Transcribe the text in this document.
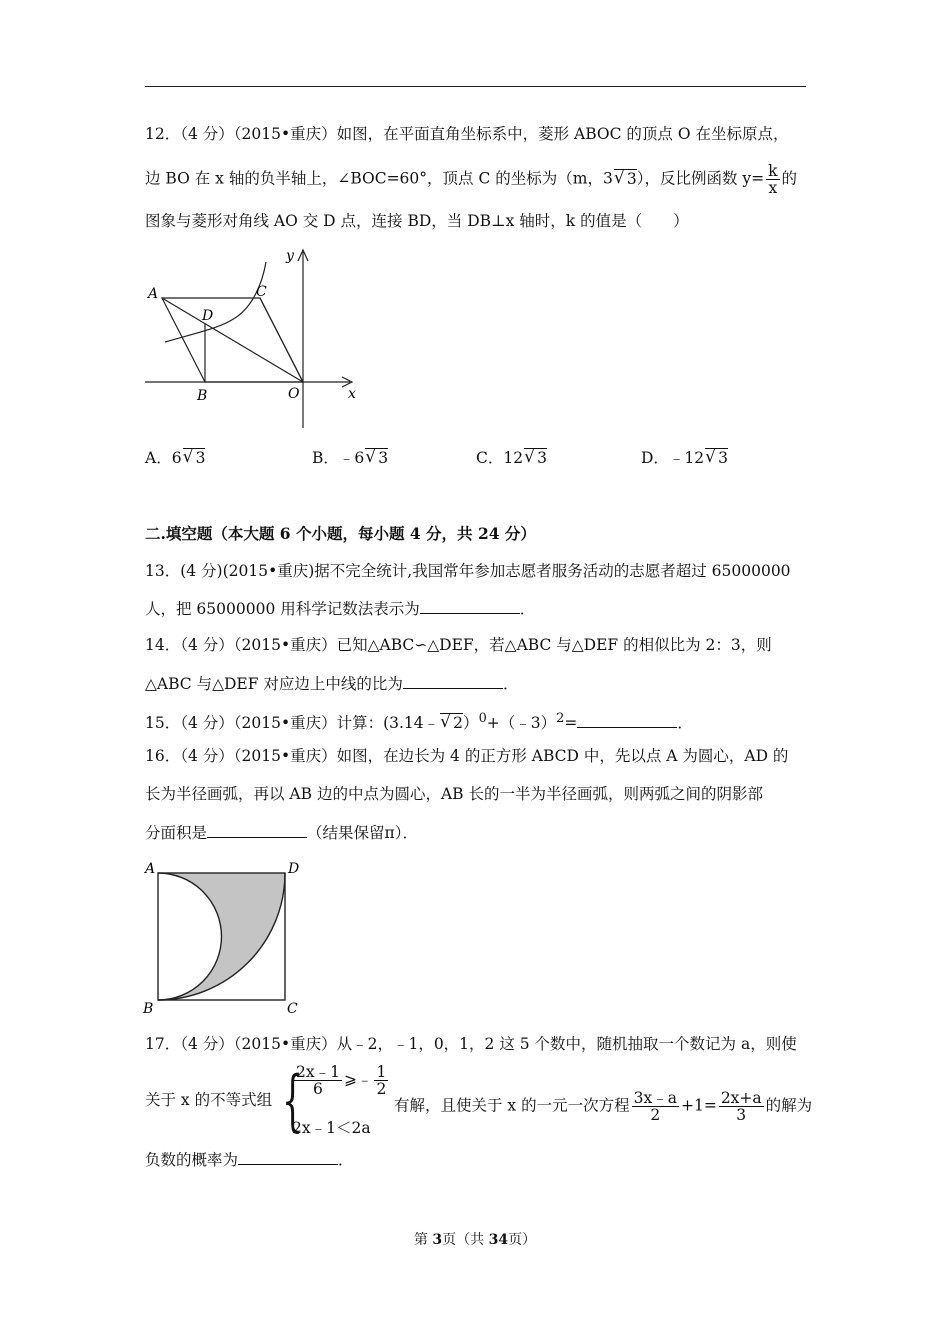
12．（4 分）（2015•重庆）如图，在平面直角坐标系中，菱形 ABOC 的顶点 O 在坐标原点，
边 BO 在 x 轴的负半轴上，∠BOC=60°，顶点 C 的坐标为（m，3 √ 3），反比例函数 $y= \frac{k}{x}$ 的
图象与菱形对角线 AO 交 D 点，连接 BD，当 DB⊥x 轴时，k 的值是（　　）
A	C
D
B	O	x
y
A．6 √ 3	B．﹣6 √ 3	C．12 √ 3	D．﹣12 √ 3
二.填空题（本大题 6 个小题，每小题 4 分，共 24 分）
13．(4 分)(2015•重庆)据不完全统计,我国常年参加志愿者服务活动的志愿者超过 65000000
人，把 65000000 用科学记数法表示为	．
14．（4 分）（2015•重庆）已知△ABC∽△DEF，若△ABC 与△DEF 的相似比为 2：3，则
△ABC 与△DEF 对应边上中线的比为	．
15．（4 分）（2015•重庆）计算：(3.14﹣ √ 2）$^0$+（﹣3）$^2$=	．
16．（4 分）（2015•重庆）如图，在边长为 4 的正方形 ABCD 中，先以点 A 为圆心，AD 的
长为半径画弧，再以 AB 边的中点为圆心，AB 长的一半为半径画弧，则两弧之间的阴影部
分面积是	（结果保留π）．
A	D
B	C
17．（4 分）（2015•重庆）从﹣2，﹣1，0，1，2 这 5 个数中，随机抽取一个数记为 a，则使
关于 x 的不等式组 {
$\frac{2x﹣1}{6}$ ⩾﹣ $\frac{1}{2}$
2x﹣1＜2a
有解，且使关于 x 的一元一次方程 $\frac{3x﹣a}{2} +1= \frac{2x+a}{3}$ 的解为
负数的概率为	．
第 3页（共 34页）
